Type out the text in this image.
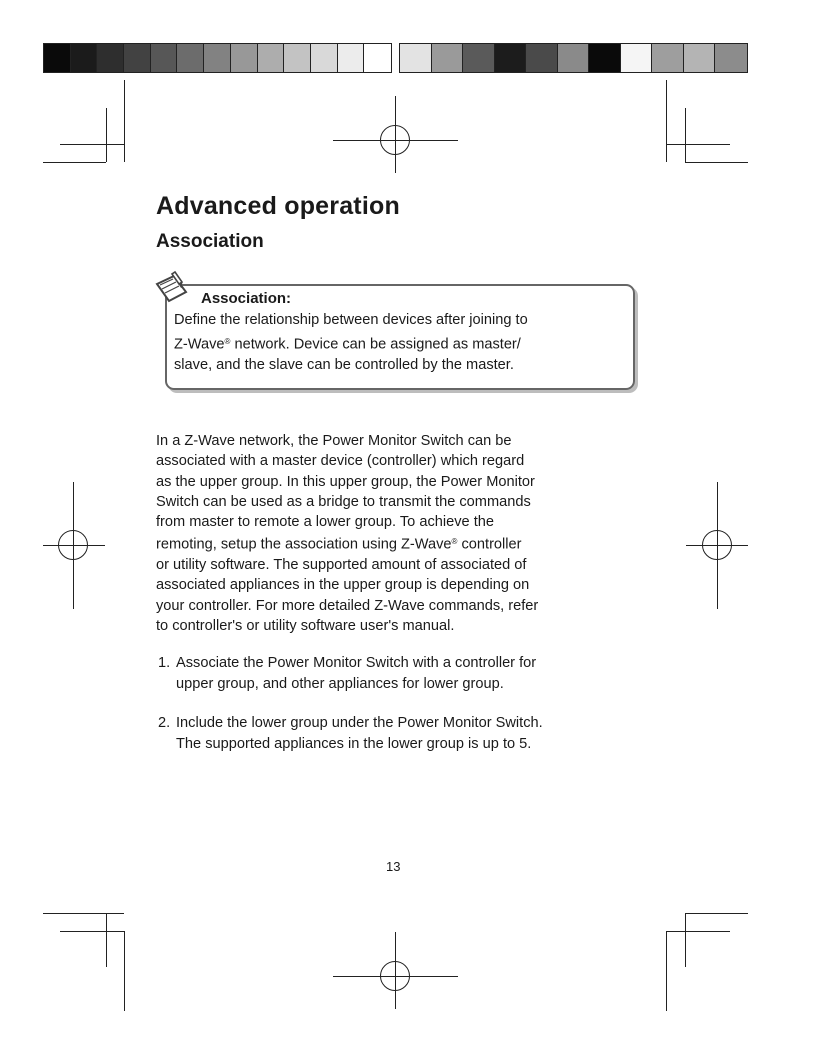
Advanced operation
Association
Association:
Define the relationship between devices after joining to
Z-Wave® network. Device can be assigned as master/
slave, and the slave can be controlled by the master.
In a Z-Wave network, the Power Monitor Switch can be
associated with a master device (controller) which regard
as the upper group. In this upper group, the Power Monitor
Switch can be used as a bridge to transmit the commands
from master to remote a lower group. To achieve the
remoting, setup the association using Z-Wave® controller
or utility software. The supported amount of associated of
associated appliances in the upper group is depending on
your controller. For more detailed Z-Wave commands, refer
to controller's or utility software user's manual.
1. Associate the Power Monitor Switch with a controller for
upper group, and other appliances for lower group.
2. Include the lower group under the Power Monitor Switch.
The supported appliances in the lower group is up to 5.
13
